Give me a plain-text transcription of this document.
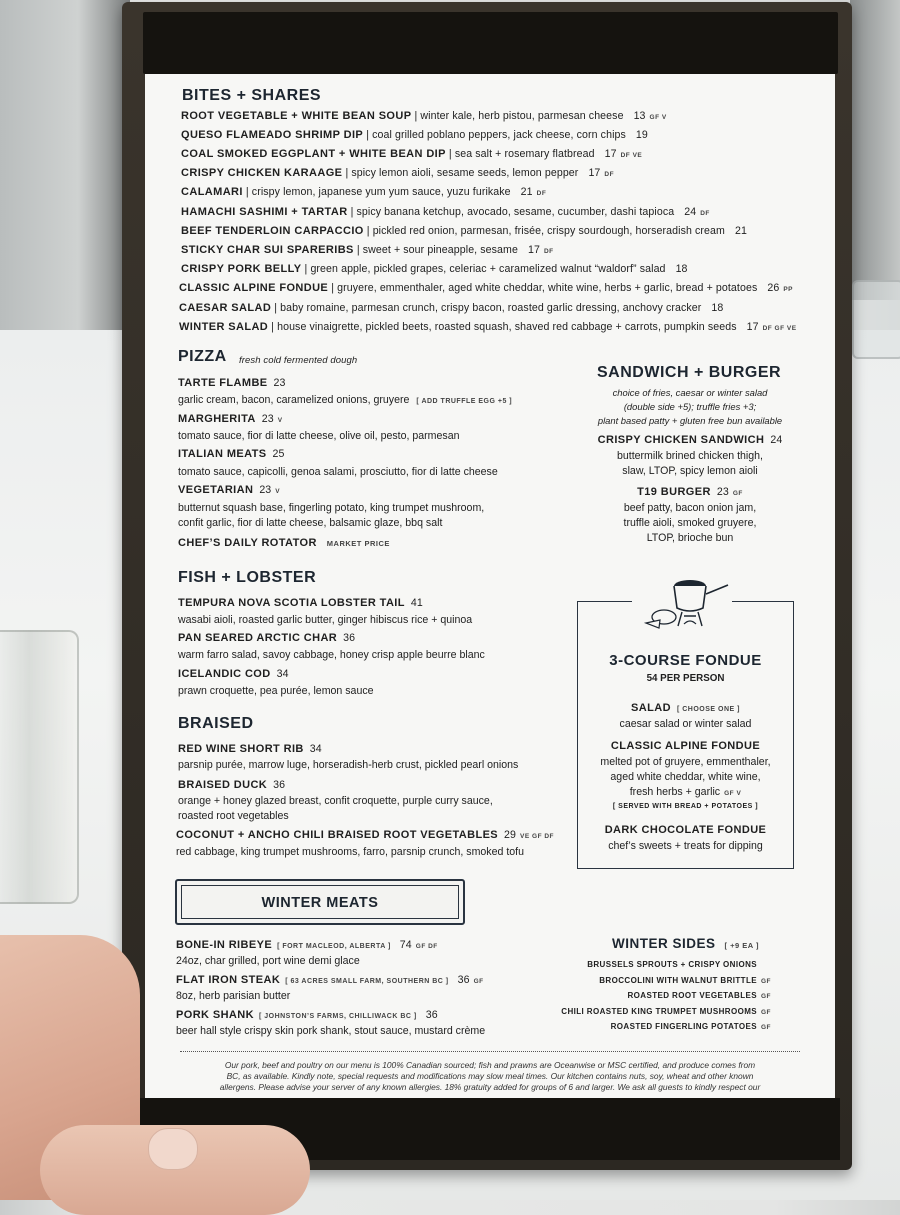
BITES + SHARES
ROOT VEGETABLE + WHITE BEAN SOUP | winter kale, herb pistou, parmesan cheese 13 GF V
QUESO FLAMEADO SHRIMP DIP | coal grilled poblano peppers, jack cheese, corn chips 19
COAL SMOKED EGGPLANT + WHITE BEAN DIP | sea salt + rosemary flatbread 17 DF VE
CRISPY CHICKEN KARAAGE | spicy lemon aioli, sesame seeds, lemon pepper 17 DF
CALAMARI | crispy lemon, japanese yum yum sauce, yuzu furikake 21 DF
HAMACHI SASHIMI + TARTAR | spicy banana ketchup, avocado, sesame, cucumber, dashi tapioca 24 DF
BEEF TENDERLOIN CARPACCIO | pickled red onion, parmesan, frisée, crispy sourdough, horseradish cream 21
STICKY CHAR SUI SPARERIBS | sweet + sour pineapple, sesame 17 DF
CRISPY PORK BELLY | green apple, pickled grapes, celeriac + caramelized walnut “waldorf” salad 18
CLASSIC ALPINE FONDUE | gruyere, emmenthaler, aged white cheddar, white wine, herbs + garlic, bread + potatoes 26 PP
CAESAR SALAD | baby romaine, parmesan crunch, crispy bacon, roasted garlic dressing, anchovy cracker 18
WINTER SALAD | house vinaigrette, pickled beets, roasted squash, shaved red cabbage + carrots, pumpkin seeds 17 DF GF VE
PIZZA fresh cold fermented dough
TARTE FLAMBE 23
garlic cream, bacon, caramelized onions, gruyere [ ADD TRUFFLE EGG +5 ]
MARGHERITA 23 V
tomato sauce, fior di latte cheese, olive oil, pesto, parmesan
ITALIAN MEATS 25
tomato sauce, capicolli, genoa salami, prosciutto, fior di latte cheese
VEGETARIAN 23 V
butternut squash base, fingerling potato, king trumpet mushroom,
confit garlic, fior di latte cheese, balsamic glaze, bbq salt
CHEF’S DAILY ROTATOR MARKET PRICE
SANDWICH + BURGER
choice of fries, caesar or winter salad
(double side +5); truffle fries +3;
plant based patty + gluten free bun available
CRISPY CHICKEN SANDWICH 24
buttermilk brined chicken thigh,
slaw, LTOP, spicy lemon aioli
T19 BURGER 23 GF
beef patty, bacon onion jam,
truffle aioli, smoked gruyere,
LTOP, brioche bun
FISH + LOBSTER
TEMPURA NOVA SCOTIA LOBSTER TAIL 41
wasabi aioli, roasted garlic butter, ginger hibiscus rice + quinoa
PAN SEARED ARCTIC CHAR 36
warm farro salad, savoy cabbage, honey crisp apple beurre blanc
ICELANDIC COD 34
prawn croquette, pea purée, lemon sauce
BRAISED
RED WINE SHORT RIB 34
parsnip purée, marrow luge, horseradish-herb crust, pickled pearl onions
BRAISED DUCK 36
orange + honey glazed breast, confit croquette, purple curry sauce,
roasted root vegetables
COCONUT + ANCHO CHILI BRAISED ROOT VEGETABLES 29 VE GF DF
red cabbage, king trumpet mushrooms, farro, parsnip crunch, smoked tofu
3-COURSE FONDUE
54 PER PERSON
SALAD [ CHOOSE ONE ]
caesar salad or winter salad
CLASSIC ALPINE FONDUE
melted pot of gruyere, emmenthaler,
aged white cheddar, white wine,
fresh herbs + garlic GF V
[ SERVED WITH BREAD + POTATOES ]
DARK CHOCOLATE FONDUE
chef’s sweets + treats for dipping
WINTER MEATS
BONE-IN RIBEYE [ FORT MACLEOD, ALBERTA ] 74 GF DF
24oz, char grilled, port wine demi glace
FLAT IRON STEAK [ 63 ACRES SMALL FARM, SOUTHERN BC ] 36 GF
8oz, herb parisian butter
PORK SHANK [ JOHNSTON’S FARMS, CHILLIWACK BC ] 36
beer hall style crispy skin pork shank, stout sauce, mustard crème
WINTER SIDES [ +9 EA ]
BRUSSELS SPROUTS + CRISPY ONIONS
BROCCOLINI WITH WALNUT BRITTLE GF
ROASTED ROOT VEGETABLES GF
CHILI ROASTED KING TRUMPET MUSHROOMS GF
ROASTED FINGERLING POTATOES GF
Our pork, beef and poultry on our menu is 100% Canadian sourced; fish and prawns are Oceanwise or MSC certified, and produce comes from
BC, as available. Kindly note, special requests and modifications may slow meal times. Our kitchen contains nuts, soy, wheat and other known
allergens. Please advise your server of any known allergies. 18% gratuity added for groups of 6 and larger. We ask all guests to kindly respect our
